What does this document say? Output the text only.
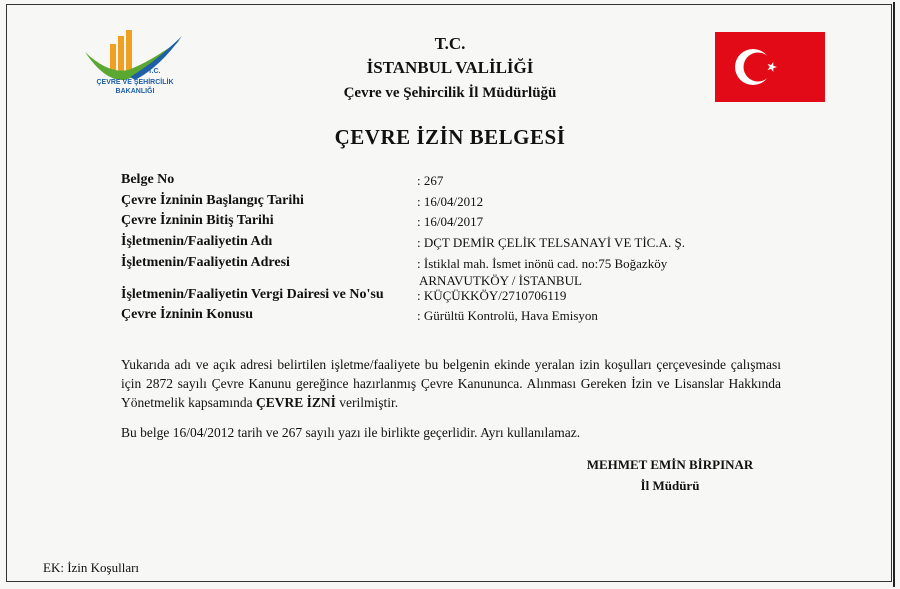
T.C.
ÇEVRE VE ŞEHİRCİLİK
BAKANLIĞI
T.C.
İSTANBUL VALİLİĞİ
Çevre ve Şehircilik İl Müdürlüğü
ÇEVRE İZİN BELGESİ
Belge No	: 267
Çevre İzninin Başlangıç Tarihi	: 16/04/2012
Çevre İzninin Bitiş Tarihi	: 16/04/2017
İşletmenin/Faaliyetin Adı	: DÇT DEMİR ÇELİK TELSANAYİ VE TİC.A. Ş.
İşletmenin/Faaliyetin Adresi	: İstiklal mah. İsmet inönü cad. no:75 Boğazköy
ARNAVUTKÖY / İSTANBUL
İşletmenin/Faaliyetin Vergi Dairesi ve No'su	: KÜÇÜKKÖY/2710706119
Çevre İzninin Konusu	: Gürültü Kontrolü, Hava Emisyon
Yukarıda adı ve açık adresi belirtilen işletme/faaliyete bu belgenin ekinde yeralan izin koşulları çerçevesinde çalışması için 2872 sayılı Çevre Kanunu gereğince hazırlanmış Çevre Kanununca. Alınması Gereken İzin ve Lisanslar Hakkında Yönetmelik kapsamında ÇEVRE İZNİ verilmiştir.
Bu belge 16/04/2012 tarih ve 267 sayılı yazı ile birlikte geçerlidir. Ayrı kullanılamaz.
MEHMET EMİN BİRPINAR
İl Müdürü
EK: İzin Koşulları
